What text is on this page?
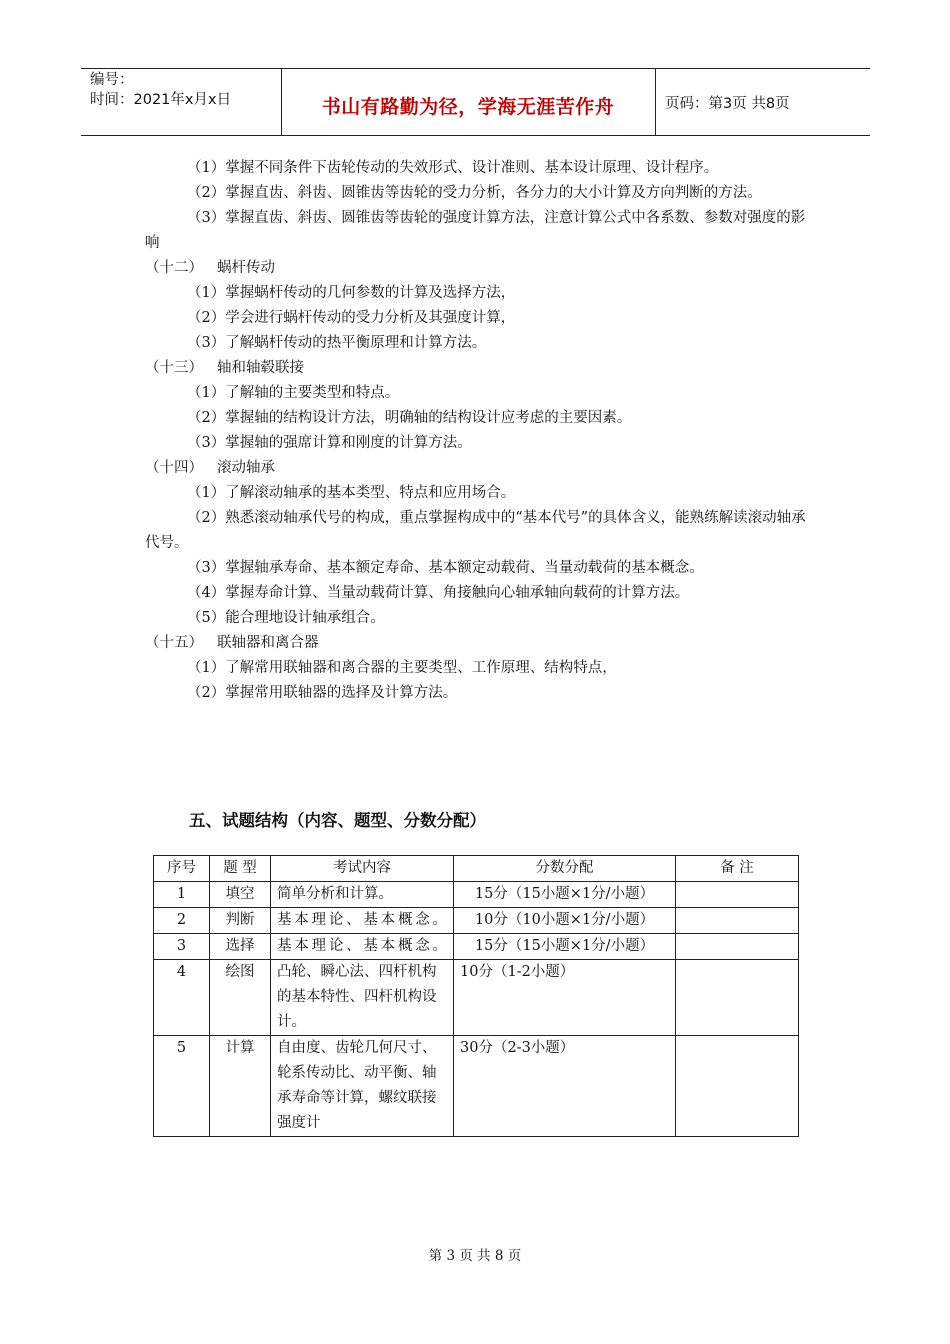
编号：
时间：2021年x月x日	书山有路勤为径，学海无涯苦作舟	页码：第3页 共8页

（1）掌握不同条件下齿轮传动的失效形式、设计准则、基本设计原理、设计程序。

（2）掌握直齿、斜齿、圆锥齿等齿轮的受力分析，各分力的大小计算及方向判断的方法。

（3）掌握直齿、斜齿、圆锥齿等齿轮的强度计算方法，注意计算公式中各系数、参数对强度的影响

（十二） 蜗杆传动

（1）掌握蜗杆传动的几何参数的计算及选择方法，

（2）学会进行蜗杆传动的受力分析及其强度计算，

（3）了解蜗杆传动的热平衡原理和计算方法。

（十三） 轴和轴毂联接

（1）了解轴的主要类型和特点。

（2）掌握轴的结构设计方法，明确轴的结构设计应考虑的主要因素。

（3）掌握轴的强席计算和刚度的计算方法。

（十四） 滚动轴承

（1）了解滚动轴承的基本类型、特点和应用场合。

（2）熟悉滚动轴承代号的构成，重点掌握构成中的“基本代号”的具体含义，能熟练解读滚动轴承代号。

（3）掌握轴承寿命、基本额定寿命、基本额定动载荷、当量动载荷的基本概念。

（4）掌握寿命计算、当量动载荷计算、角接触向心轴承轴向载荷的计算方法。

（5）能合理地设计轴承组合。

（十五） 联轴器和离合器

（1）了解常用联轴器和离合器的主要类型、工作原理、结构特点，

（2）掌握常用联轴器的选择及计算方法。

五、试题结构（内容、题型、分数分配）
序号	题 型	考试内容	分数分配	备 注
1	填空	简单分析和计算。	15分（15小题×1分/小题）	
2	判断	基本理论、基本概念。	10分（10小题×1分/小题）	
3	选择	基本理论、基本概念。	15分（15小题×1分/小题）	
4	绘图	凸轮、瞬心法、四杆机构的基本特性、四杆机构设计。	10分（1-2小题）	
5	计算	自由度、齿轮几何尺寸、轮系传动比、动平衡、轴承寿命等计算，螺纹联接强度计	30分（2-3小题）	
第 3 页 共 8 页
